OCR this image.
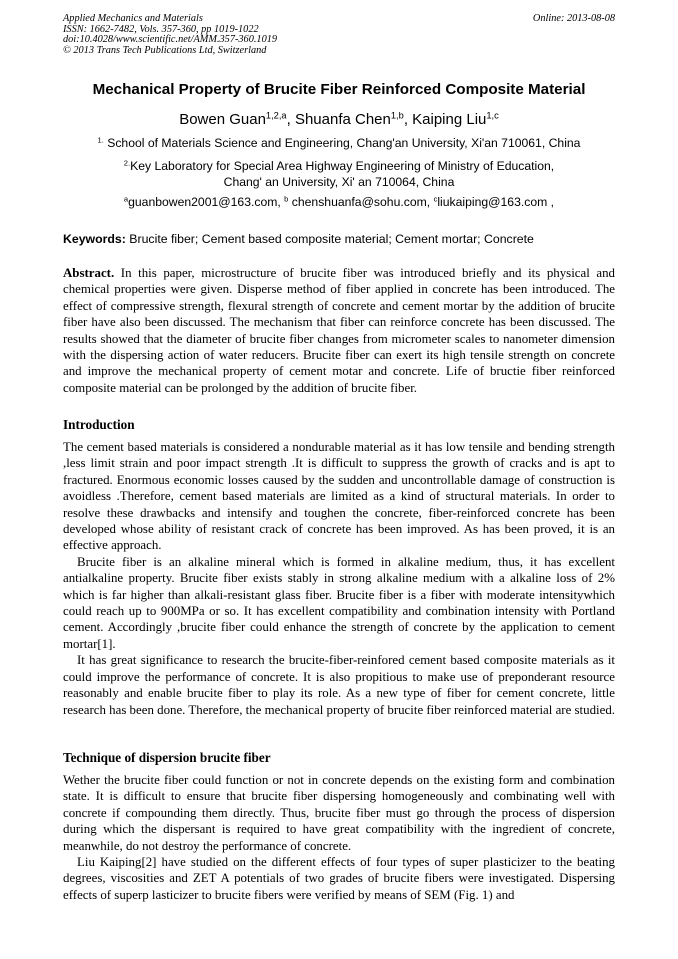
Applied Mechanics and Materials
ISSN: 1662-7482, Vols. 357-360, pp 1019-1022
doi:10.4028/www.scientific.net/AMM.357-360.1019
© 2013 Trans Tech Publications Ltd, Switzerland
Online: 2013-08-08
Mechanical Property of Brucite Fiber Reinforced Composite Material
Bowen Guan$^{1,2,a}$, Shuanfa Chen$^{1,b}$, Kaiping Liu$^{1,c}$
$^{1.}$ School of Materials Science and Engineering, Chang'an University, Xi'an 710061, China
$^{2.}$Key Laboratory for Special Area Highway Engineering of Ministry of Education,
Chang' an University, Xi' an 710064, China
$^a$guanbowen2001@163.com, $^b$ chenshuanfa@sohu.com, $^c$liukaiping@163.com ,
Keywords: Brucite fiber; Cement based composite material; Cement mortar; Concrete

Abstract. In this paper, microstructure of brucite fiber was introduced briefly and its physical and chemical properties were given. Disperse method of fiber applied in concrete has been introduced. The effect of compressive strength, flexural strength of concrete and cement mortar by the addition of brucite fiber have also been discussed. The mechanism that fiber can reinforce concrete has been discussed. The results showed that the diameter of brucite fiber changes from micrometer scales to nanometer dimension with the dispersing action of water reducers. Brucite fiber can exert its high tensile strength on concrete and improve the mechanical property of cement motar and concrete. Life of bructie fiber reinforced composite material can be prolonged by the addition of brucite fiber.

Introduction

The cement based materials is considered a nondurable material as it has low tensile and bending strength ,less limit strain and poor impact strength .It is difficult to suppress the growth of cracks and is apt to fractured. Enormous economic losses caused by the sudden and uncontrollable damage of construction is avoidless .Therefore, cement based materials are limited as a kind of structural materials. In order to resolve these drawbacks and intensify and toughen the concrete, fiber-reinforced concrete has been developed whose ability of resistant crack of concrete has been improved. As has been proved, it is an effective approach.

Brucite fiber is an alkaline mineral which is formed in alkaline medium, thus, it has excellent antialkaline property. Brucite fiber exists stably in strong alkaline medium with a alkaline loss of 2% which is far higher than alkali-resistant glass fiber. Brucite fiber is a fiber with moderate intensitywhich could reach up to 900MPa or so. It has excellent compatibility and combination intensity with Portland cement. Accordingly ,brucite fiber could enhance the strength of concrete by the application to cement mortar[1].

It has great significance to research the brucite-fiber-reinfored cement based composite materials as it could improve the performance of concrete. It is also propitious to make use of preponderant resource reasonably and enable brucite fiber to play its role. As a new type of fiber for cement concrete, little research has been done. Therefore, the mechanical property of brucite fiber reinforced material are studied.

Technique of dispersion brucite fiber

Wether the brucite fiber could function or not in concrete depends on the existing form and combination state. It is difficult to ensure that brucite fiber dispersing homogeneously and combinating well with concrete if compounding them directly. Thus, brucite fiber must go through the process of dispersion during which the dispersant is required to have great compatibility with the ingredient of concrete, meanwhile, do not destroy the performance of concrete.

Liu Kaiping[2] have studied on the different effects of four types of super plasticizer to the beating degrees, viscosities and ZET A potentials of two grades of brucite fibers were investigated. Dispersing effects of superp lasticizer to brucite fibers were verified by means of SEM (Fig. 1) and
